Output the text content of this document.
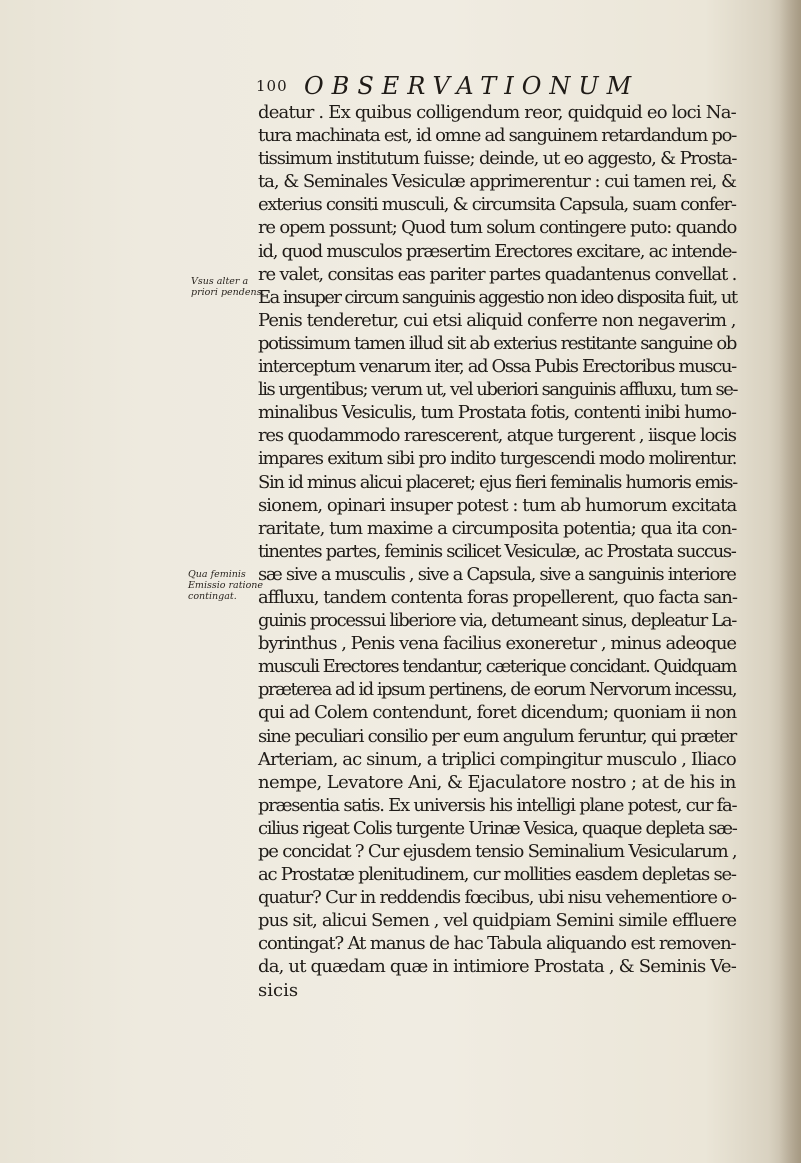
100 OBSERVATIONUM
Vsus alter a
priori pendens.
Qua feminis
Emissio ratione
contingat.
deatur . Ex quibus colligendum reor, quidquid eo loci Na-
tura machinata est, id omne ad sanguinem retardandum po-
tissimum institutum fuisse; deinde, ut eo aggesto, & Prosta-
ta, & Seminales Vesiculæ apprimerentur : cui tamen rei, &
exterius consiti musculi, & circumsita Capsula, suam confer-
re opem possunt; Quod tum solum contingere puto: quando
id, quod musculos præsertim Erectores excitare, ac intende-
re valet, consitas eas pariter partes quadantenus convellat .
Ea insuper circum sanguinis aggestio non ideo disposita fuit, ut
Penis tenderetur, cui etsi aliquid conferre non negaverim ,
potissimum tamen illud sit ab exterius restitante sanguine ob
interceptum venarum iter, ad Ossa Pubis Erectoribus muscu-
lis urgentibus; verum ut, vel uberiori sanguinis affluxu, tum se-
minalibus Vesiculis, tum Prostata fotis, contenti inibi humo-
res quodammodo rarescerent, atque turgerent , iisque locis
impares exitum sibi pro indito turgescendi modo molirentur.
Sin id minus alicui placeret; ejus fieri feminalis humoris emis-
sionem, opinari insuper potest : tum ab humorum excitata
raritate, tum maxime a circumposita potentia; qua ita con-
tinentes partes, feminis scilicet Vesiculæ, ac Prostata succus-
sæ sive a musculis , sive a Capsula, sive a sanguinis interiore
affluxu, tandem contenta foras propellerent, quo facta san-
guinis processui liberiore via, detumeant sinus, depleatur La-
byrinthus , Penis vena facilius exoneretur , minus adeoque
musculi Erectores tendantur, cæterique concidant. Quidquam
præterea ad id ipsum pertinens, de eorum Nervorum incessu,
qui ad Colem contendunt, foret dicendum; quoniam ii non
sine peculiari consilio per eum angulum feruntur, qui præter
Arteriam, ac sinum, a triplici compingitur musculo , Iliaco
nempe, Levatore Ani, & Ejaculatore nostro ; at de his in
præsentia satis. Ex universis his intelligi plane potest, cur fa-
cilius rigeat Colis turgente Urinæ Vesica, quaque depleta sæ-
pe concidat ? Cur ejusdem tensio Seminalium Vesicularum ,
ac Prostatæ plenitudinem, cur mollities easdem depletas se-
quatur? Cur in reddendis fœcibus, ubi nisu vehementiore o-
pus sit, alicui Semen , vel quidpiam Semini simile effluere
contingat? At manus de hac Tabula aliquando est removen-
da, ut quædam quæ in intimiore Prostata , & Seminis Ve-
sicis
